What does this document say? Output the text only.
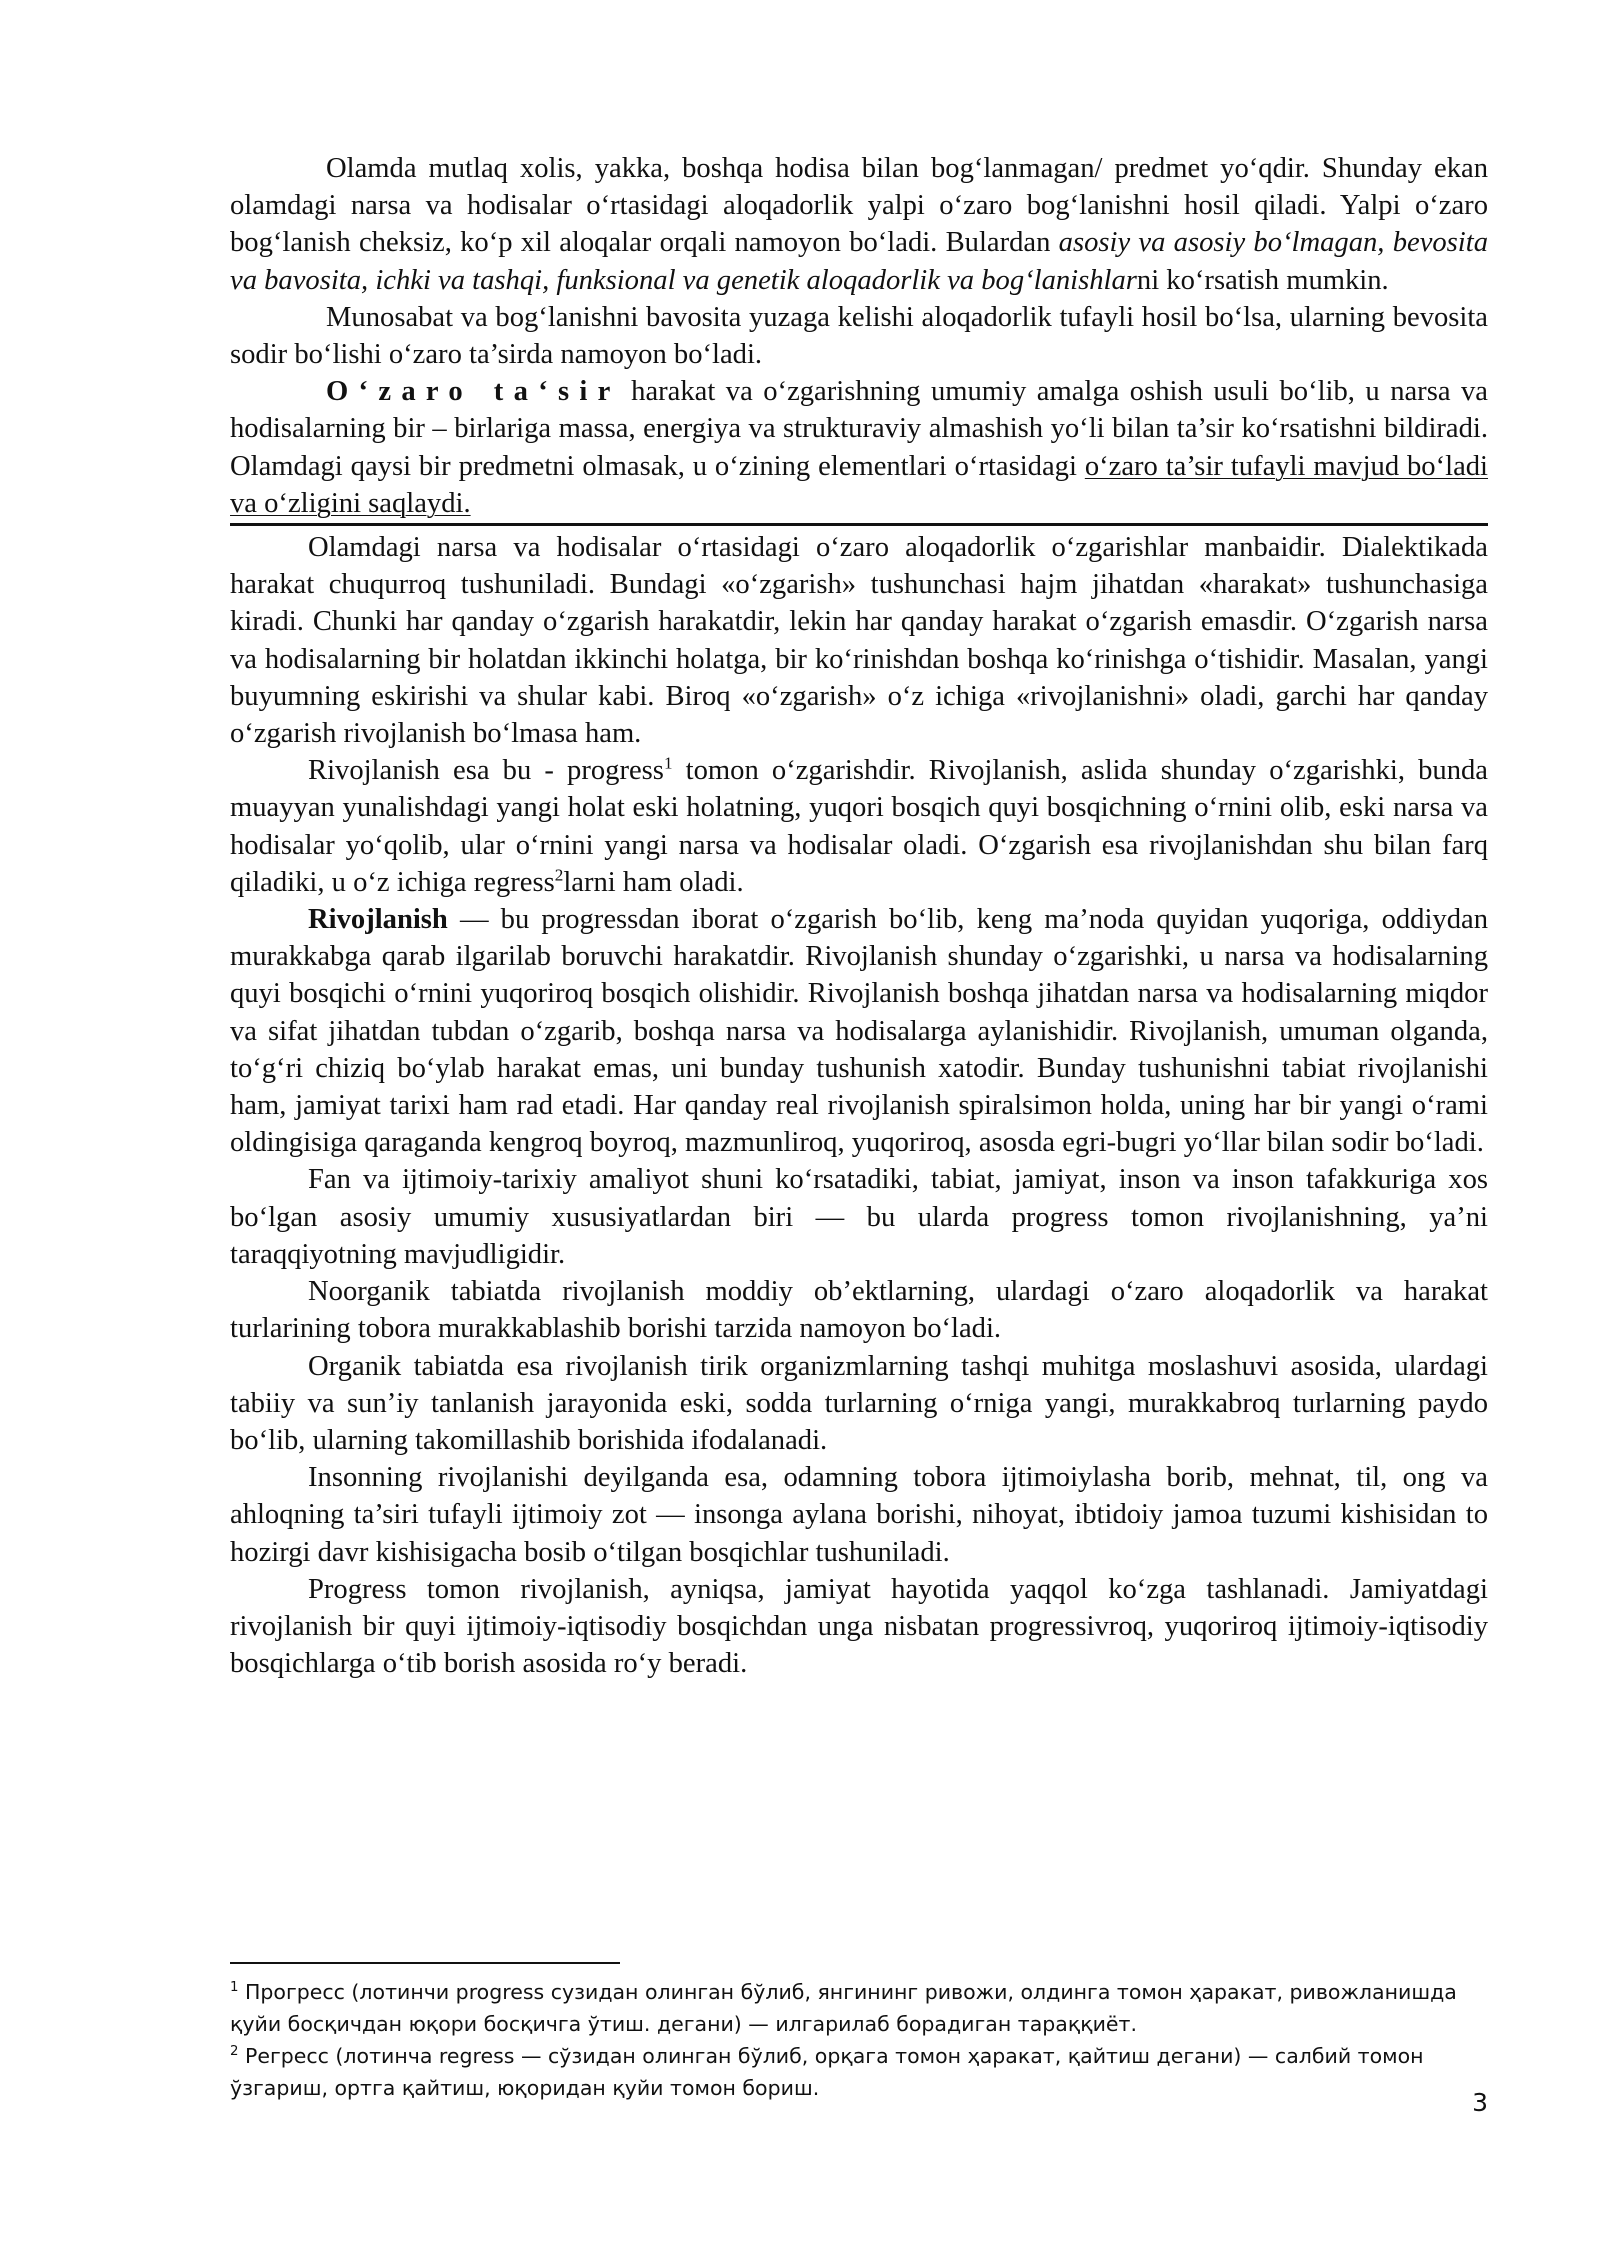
Olamda mutlaq xolis, yakka, boshqa hodisa bilan bog‘lanmagan/ predmet yo‘qdir. Shunday ekan olamdagi narsa va hodisalar o‘rtasidagi aloqadorlik yalpi o‘zaro bog‘lanishni hosil qiladi. Yalpi o‘zaro bog‘lanish cheksiz, ko‘p xil aloqalar orqali namoyon bo‘ladi. Bulardan asosiy va asosiy bo‘lmagan, bevosita va bavosita, ichki va tashqi, funksional va genetik aloqadorlik va bog‘lanishlarni ko‘rsatish mumkin.

Munosabat va bog‘lanishni bavosita yuzaga kelishi aloqadorlik tufayli hosil bo‘lsa, ularning bevosita sodir bo‘lishi o‘zaro ta’sirda namoyon bo‘ladi.

O‘zaro ta‘sir harakat va o‘zgarishning umumiy amalga oshish usuli bo‘lib, u narsa va hodisalarning bir – birlariga massa, energiya va strukturaviy almashish yo‘li bilan ta’sir ko‘rsatishni bildiradi. Olamdagi qaysi bir predmetni olmasak, u o‘zining elementlari o‘rtasidagi o‘zaro ta’sir tufayli mavjud bo‘ladi va o‘zligini saqlaydi.

Olamdagi narsa va hodisalar o‘rtasidagi o‘zaro aloqadorlik o‘zgarishlar manbaidir. Dialektikada harakat chuqurroq tushuniladi. Bundagi «o‘zgarish» tushunchasi hajm jihatdan «harakat» tushunchasiga kiradi. Chunki har qanday o‘zgarish harakatdir, lekin har qanday harakat o‘zgarish emasdir. O‘zgarish narsa va hodisalarning bir holatdan ikkinchi holatga, bir ko‘rinishdan boshqa ko‘rinishga o‘tishidir. Masalan, yangi buyumning eskirishi va shular kabi. Biroq «o‘zgarish» o‘z ichiga «rivojlanishni» oladi, garchi har qanday o‘zgarish rivojlanish bo‘lmasa ham.

Rivojlanish esa bu - progress$^1$ tomon o‘zgarishdir. Rivojlanish, aslida shunday o‘zgarishki, bunda muayyan yunalishdagi yangi holat eski holatning, yuqori bosqich quyi bosqichning o‘rnini olib, eski narsa va hodisalar yo‘qolib, ular o‘rnini yangi narsa va hodisalar oladi. O‘zgarish esa rivojlanishdan shu bilan farq qiladiki, u o‘z ichiga regress$^2$larni ham oladi.

Rivojlanish — bu progressdan iborat o‘zgarish bo‘lib, keng ma’noda quyidan yuqoriga, oddiydan murakkabga qarab ilgarilab boruvchi harakatdir. Rivojlanish shunday o‘zgarishki, u narsa va hodisalarning quyi bosqichi o‘rnini yuqoriroq bosqich olishidir. Rivojlanish boshqa jihatdan narsa va hodisalarning miqdor va sifat jihatdan tubdan o‘zgarib, boshqa narsa va hodisalarga aylanishidir. Rivojlanish, umuman olganda, to‘g‘ri chiziq bo‘ylab harakat emas, uni bunday tushunish xatodir. Bunday tushunishni tabiat rivojlanishi ham, jamiyat tarixi ham rad etadi. Har qanday real rivojlanish spiralsimon holda, uning har bir yangi o‘rami oldingisiga qaraganda kengroq boyroq, mazmunliroq, yuqoriroq, asosda egri-bugri yo‘llar bilan sodir bo‘ladi.

Fan va ijtimoiy-tarixiy amaliyot shuni ko‘rsatadiki, tabiat, jamiyat, inson va inson tafakkuriga xos bo‘lgan asosiy umumiy xususiyatlardan biri — bu ularda progress tomon rivojlanishning, ya’ni taraqqiyotning mavjudligidir.

Noorganik tabiatda rivojlanish moddiy ob’ektlarning, ulardagi o‘zaro aloqadorlik va harakat turlarining tobora murakkablashib borishi tarzida namoyon bo‘ladi.

Organik tabiatda esa rivojlanish tirik organizmlarning tashqi muhitga moslashuvi asosida, ulardagi tabiiy va sun’iy tanlanish jarayonida eski, sodda turlarning o‘rniga yangi, murakkabroq turlarning paydo bo‘lib, ularning takomillashib borishida ifodalanadi.

Insonning rivojlanishi deyilganda esa, odamning tobora ijtimoiylasha borib, mehnat, til, ong va ahloqning ta’siri tufayli ijtimoiy zot — insonga aylana borishi, nihoyat, ibtidoiy jamoa tuzumi kishisidan to hozirgi davr kishisigacha bosib o‘tilgan bosqichlar tushuniladi.

Progress tomon rivojlanish, ayniqsa, jamiyat hayotida yaqqol ko‘zga tashlanadi. Jamiyatdagi rivojlanish bir quyi ijtimoiy-iqtisodiy bosqichdan unga nisbatan progressivroq, yuqoriroq ijtimoiy-iqtisodiy bosqichlarga o‘tib borish asosida ro‘y beradi.

$^1$ Прогресс (лотинчи progress сузидан олинган бўлиб, янгининг ривожи, олдинга томон ҳаракат, ривожланишда қуйи босқичдан юқори босқичга ўтиш. дегани) — илгарилаб борадиган тараққиёт.

$^2$ Регресс (лотинча regress — сўзидан олинган бўлиб, орқага томон ҳаракат, қайтиш дегани) — салбий томон ўзгариш, ортга қайтиш, юқоридан қуйи томон бориш.	3
